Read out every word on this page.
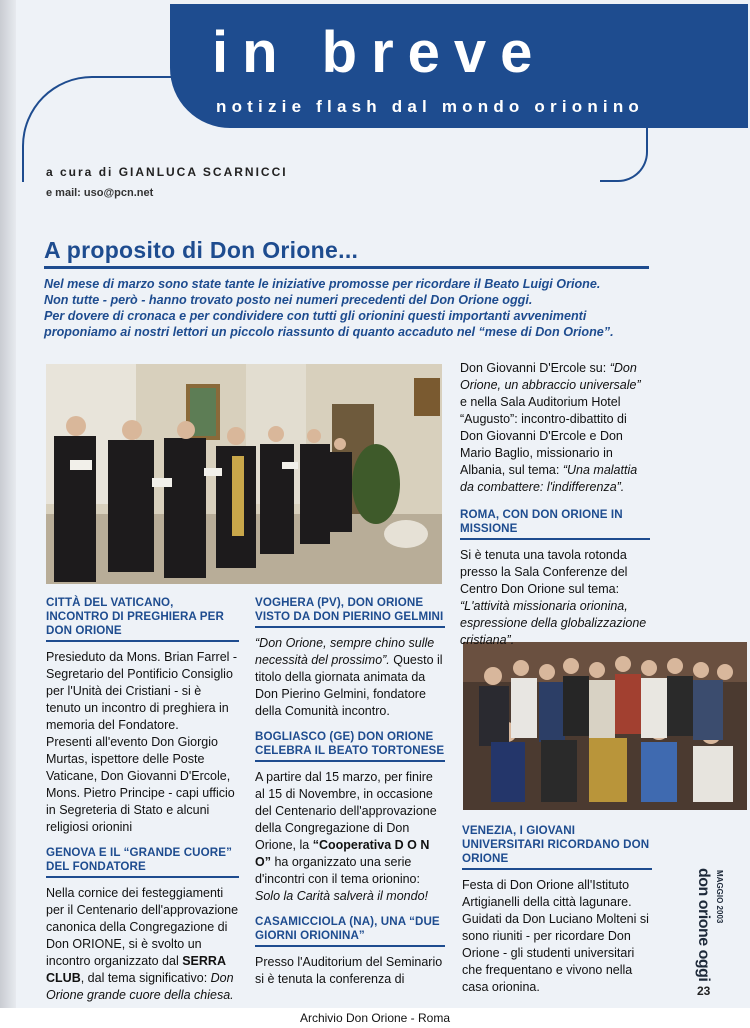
in breve
notizie flash dal mondo orionino
a cura di GIANLUCA SCARNICCI
e mail: uso@pcn.net
A proposito di Don Orione...

Nel mese di marzo sono state tante le iniziative promosse per ricordare il Beato Luigi Orione.

Non tutte - però - hanno trovato posto nei numeri precedenti del Don Orione oggi.

Per dovere di cronaca e per condividere con tutti gli orionini questi importanti avvenimenti proponiamo ai nostri lettori un piccolo riassunto di quanto accaduto nel “mese di Don Orione”.

CITTÀ DEL VATICANO, INCONTRO DI PREGHIERA PER DON ORIONE

Presieduto da Mons. Brian Farrel - Segretario del Pontificio Consiglio per l'Unità dei Cristiani - si è tenuto un incontro di preghiera in memoria del Fondatore.

Presenti all'evento Don Giorgio Murtas, ispettore delle Poste Vaticane, Don Giovanni D'Ercole, Mons. Pietro Principe - capi ufficio in Segreteria di Stato e alcuni religiosi orionini

GENOVA E IL “GRANDE CUORE” DEL FONDATORE

Nella cornice dei festeggiamenti per il Centenario dell'approvazione canonica della Congregazione di Don ORIONE, si è svolto un incontro organizzato dal SERRA CLUB, dal tema significativo: Don Orione grande cuore della chiesa.

VOGHERA (PV), DON ORIONE VISTO DA DON PIERINO GELMINI

“Don Orione, sempre chino sulle necessità del prossimo”. Questo il titolo della giornata animata da Don Pierino Gelmini, fondatore della Comunità incontro.

BOGLIASCO (GE) DON ORIONE CELEBRA IL BEATO TORTONESE

A partire dal 15 marzo, per finire al 15 di Novembre, in occasione del Centenario dell'approvazione della Congregazione di Don Orione, la “Cooperativa D O N O” ha organizzato una serie d'incontri con il tema orionino: Solo la Carità salverà il mondo!

CASAMICCIOLA (NA), UNA “DUE GIORNI ORIONINA”

Presso l'Auditorium del Seminario si è tenuta la conferenza di

Don Giovanni D'Ercole su: “Don Orione, un abbraccio universale” e nella Sala Auditorium Hotel “Augusto”: incontro-dibattito di Don Giovanni D'Ercole e Don Mario Baglio, missionario in Albania, sul tema: “Una malattia da combattere: l'indifferenza”.

ROMA, CON DON ORIONE IN MISSIONE

Si è tenuta una tavola rotonda presso la Sala Conferenze del Centro Don Orione sul tema: “L'attività missionaria orionina, espressione della globalizzazione cristiana”.

VENEZIA, I GIOVANI UNIVERSITARI RICORDANO DON ORIONE

Festa di Don Orione all'Istituto Artigianelli della città lagunare. Guidati da Don Luciano Molteni si sono riuniti - per ricordare Don Orione - gli studenti universitari che frequentano e vivono nella casa orionina.

don orione oggi MAGGIO 2003
23
Archivio Don Orione - Roma
